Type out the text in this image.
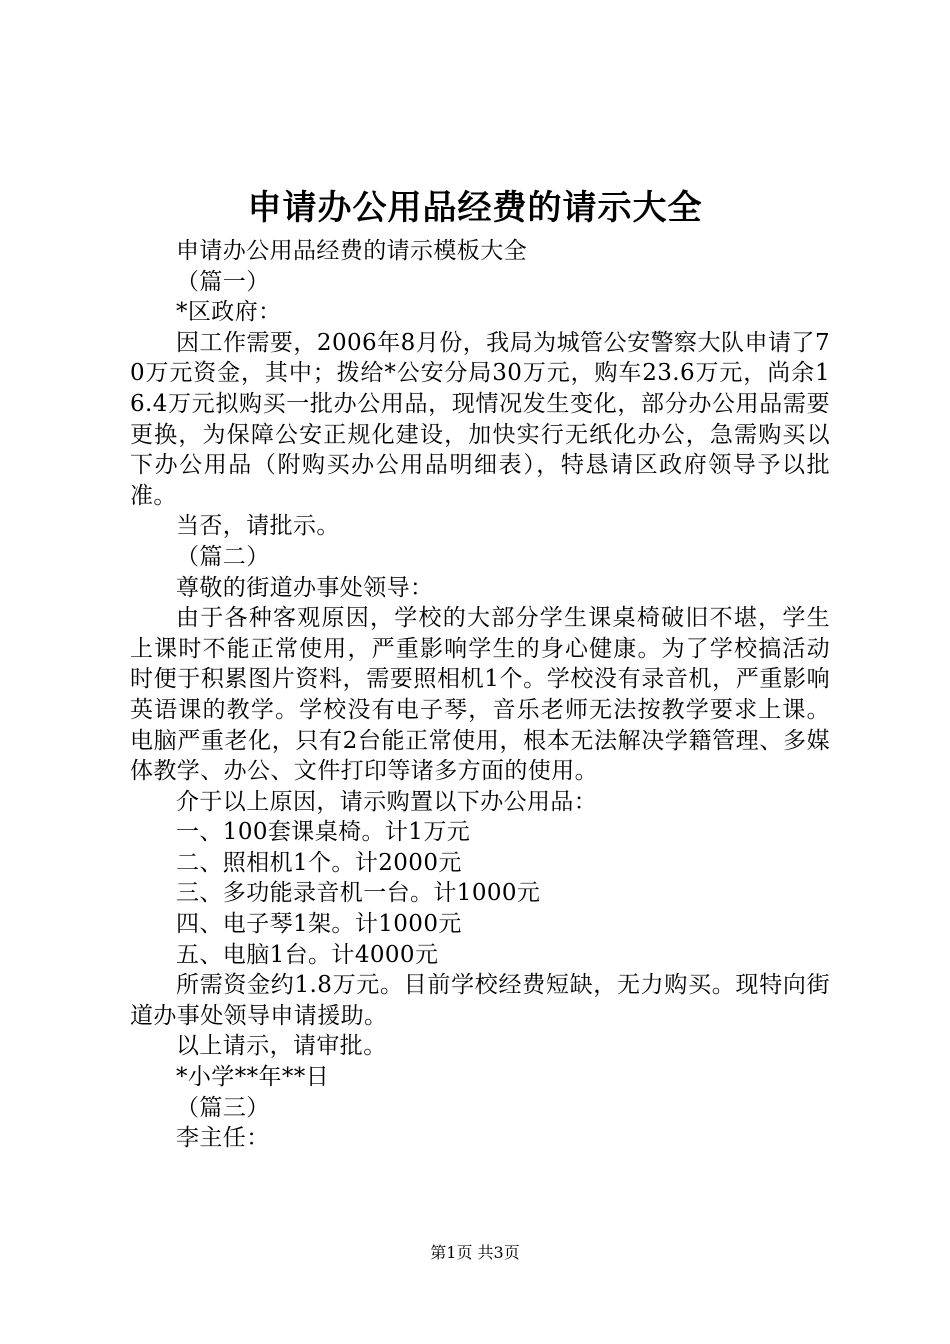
申请办公用品经费的请示大全

申请办公用品经费的请示模板大全

（篇一）

*区政府：

因工作需要，2006年8月份，我局为城管公安警察大队申请了70万元资金，其中；拨给*公安分局30万元，购车23.6万元，尚余16.4万元拟购买一批办公用品，现情况发生变化，部分办公用品需要更换，为保障公安正规化建设，加快实行无纸化办公，急需购买以下办公用品（附购买办公用品明细表），特恳请区政府领导予以批准。

当否，请批示。

（篇二）

尊敬的街道办事处领导：

由于各种客观原因，学校的大部分学生课桌椅破旧不堪，学生上课时不能正常使用，严重影响学生的身心健康。为了学校搞活动时便于积累图片资料，需要照相机1个。学校没有录音机，严重影响英语课的教学。学校没有电子琴，音乐老师无法按教学要求上课。电脑严重老化，只有2台能正常使用，根本无法解决学籍管理、多媒体教学、办公、文件打印等诸多方面的使用。

介于以上原因，请示购置以下办公用品：

一、100套课桌椅。计1万元

二、照相机1个。计2000元

三、多功能录音机一台。计1000元

四、电子琴1架。计1000元

五、电脑1台。计4000元

所需资金约1.8万元。目前学校经费短缺，无力购买。现特向街道办事处领导申请援助。

以上请示，请审批。

*小学**年**日

（篇三）

李主任：

第1页 共3页
